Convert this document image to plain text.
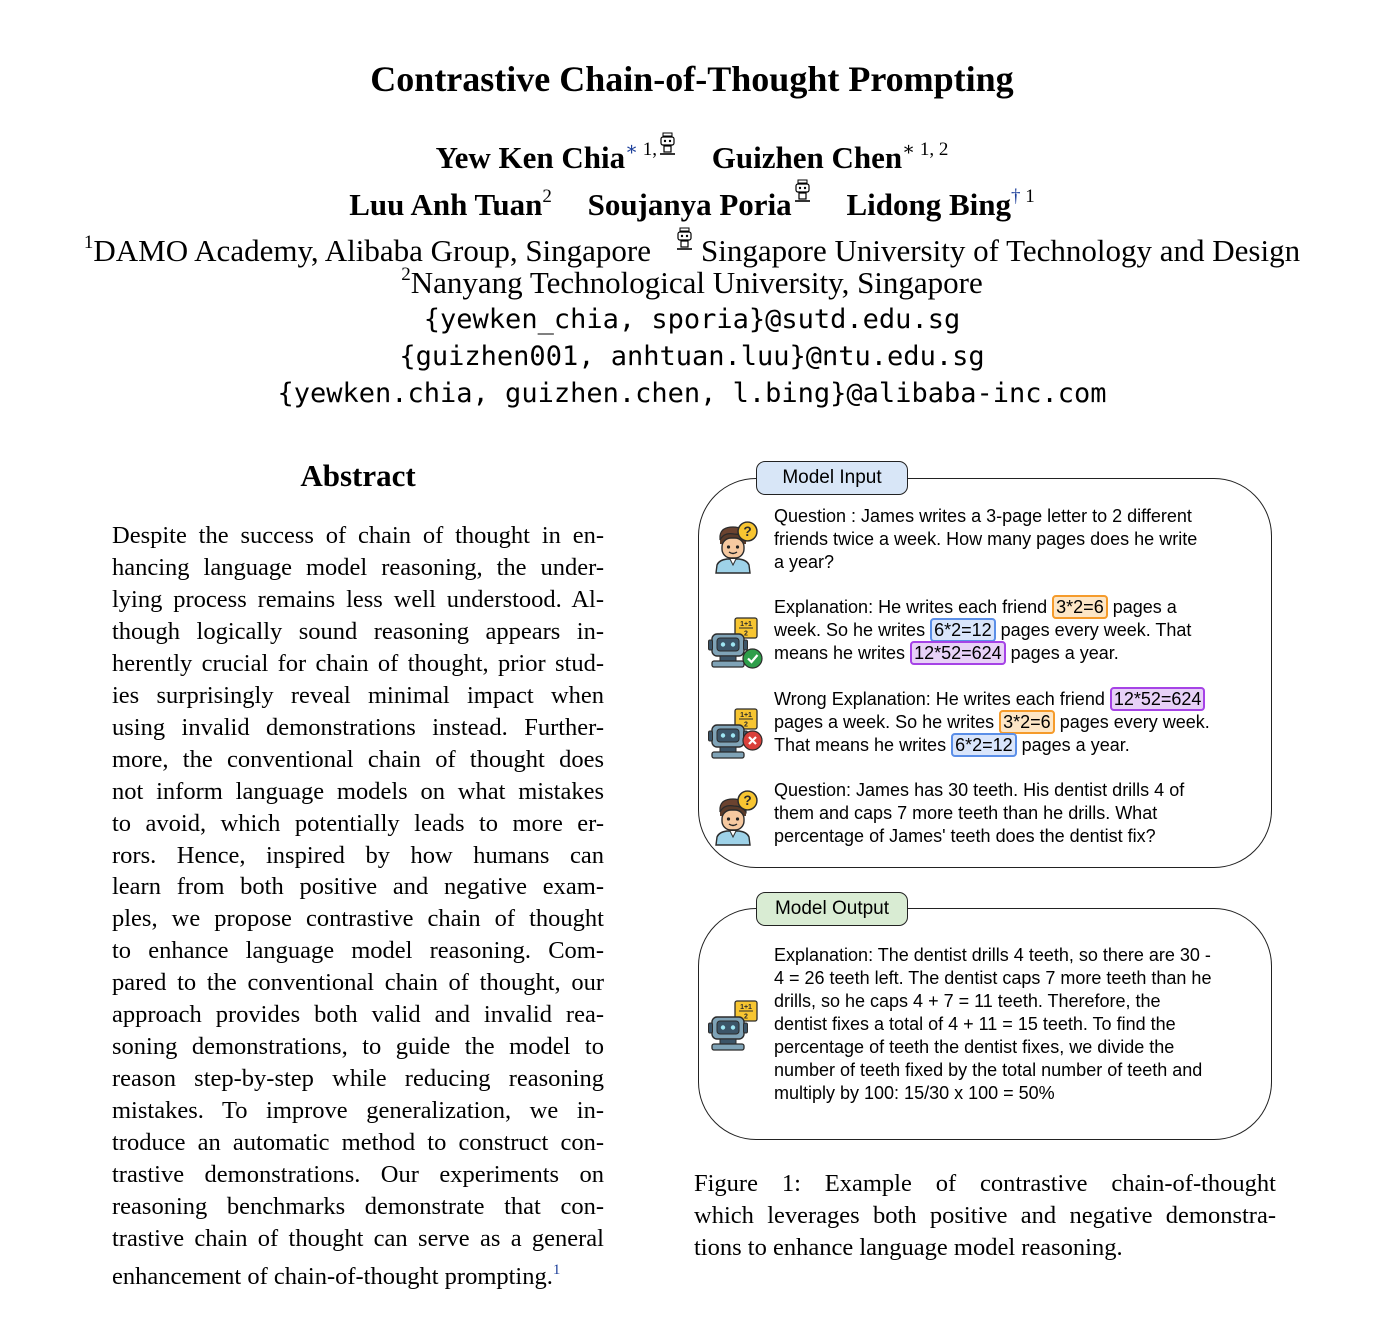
Contrastive Chain-of-Thought Prompting
Yew Ken Chia$^{∗ 1,}$ Guizhen Chen$^{∗ 1, 2}$
Luu Anh Tuan$^2$ Soujanya Poria Lidong Bing$^{\dagger 1}$
$^1$DAMO Academy, Alibaba Group, Singapore Singapore University of Technology and Design
$^2$Nanyang Technological University, Singapore
{yewken_chia, sporia}@sutd.edu.sg
{guizhen001, anhtuan.luu}@ntu.edu.sg
{yewken.chia, guizhen.chen, l.bing}@alibaba-inc.com
Abstract
Despite the success of chain of thought in en-
hancing language model reasoning, the under-
lying process remains less well understood. Al-
though logically sound reasoning appears in-
herently crucial for chain of thought, prior stud-
ies surprisingly reveal minimal impact when
using invalid demonstrations instead. Further-
more, the conventional chain of thought does
not inform language models on what mistakes
to avoid, which potentially leads to more er-
rors. Hence, inspired by how humans can
learn from both positive and negative exam-
ples, we propose contrastive chain of thought
to enhance language model reasoning. Com-
pared to the conventional chain of thought, our
approach provides both valid and invalid rea-
soning demonstrations, to guide the model to
reason step-by-step while reducing reasoning
mistakes. To improve generalization, we in-
troduce an automatic method to construct con-
trastive demonstrations. Our experiments on
reasoning benchmarks demonstrate that con-
trastive chain of thought can serve as a general
enhancement of chain-of-thought prompting.$^1$
Model Input
Question : James writes a 3-page letter to 2 different
friends twice a week. How many pages does he write
a year?
Explanation: He writes each friend 3*2=6 pages a
week. So he writes 6*2=12 pages every week. That
means he writes 12*52=624 pages a year.
Wrong Explanation: He writes each friend 12*52=624
pages a week. So he writes 3*2=6 pages every week.
That means he writes 6*2=12 pages a year.
Question: James has 30 teeth. His dentist drills 4 of
them and caps 7 more teeth than he drills. What
percentage of James' teeth does the dentist fix?
Model Output
Explanation: The dentist drills 4 teeth, so there are 30 -
4 = 26 teeth left. The dentist caps 7 more teeth than he
drills, so he caps 4 + 7 = 11 teeth. Therefore, the
dentist fixes a total of 4 + 11 = 15 teeth. To find the
percentage of teeth the dentist fixes, we divide the
number of teeth fixed by the total number of teeth and
multiply by 100: 15/30 x 100 = 50%
Figure 1: Example of contrastive chain-of-thought
which leverages both positive and negative demonstra-
tions to enhance language model reasoning.
